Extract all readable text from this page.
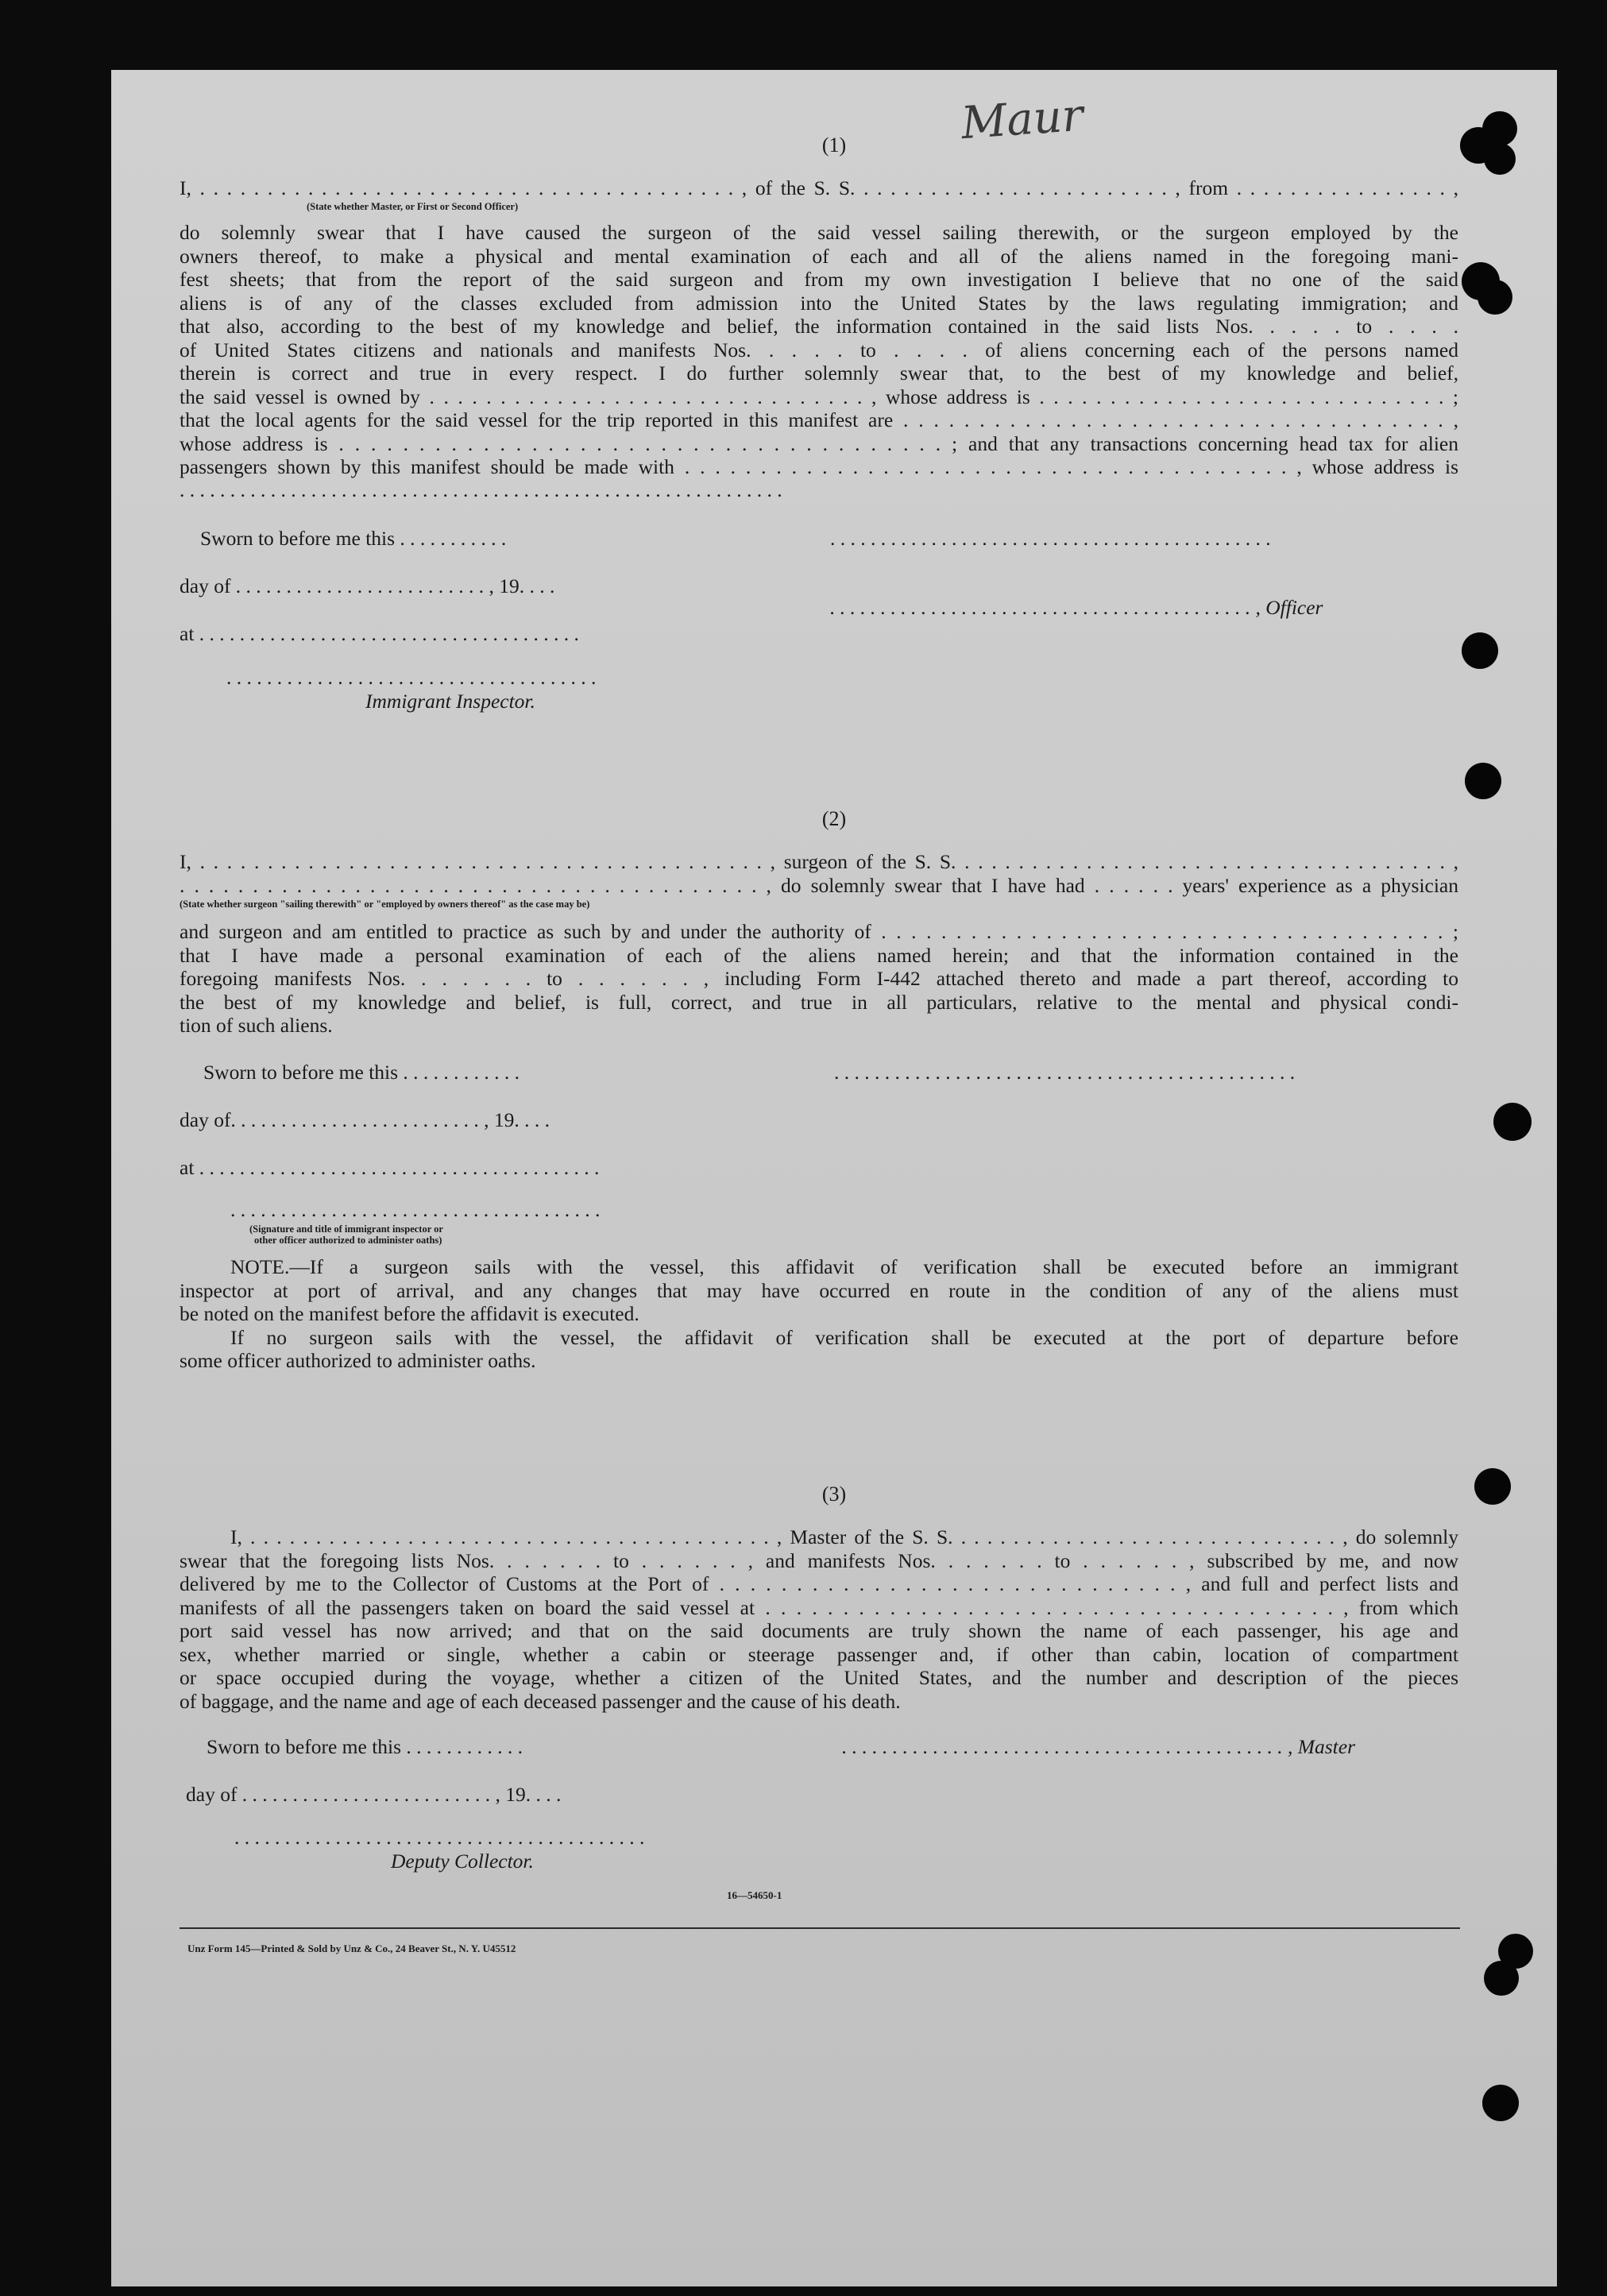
Maur
(1)
I, . . . . . . . . . . . . . . . . . . . . . . . . . . . . . . . . . . . . . . . . , of the S. S. . . . . . . . . . . . . . . . . . . . . . . . , from . . . . . . . . . . . . . . . . ,
(State whether Master, or First or Second Officer)
do solemnly swear that I have caused the surgeon of the said vessel sailing therewith, or the surgeon employed by the
owners thereof, to make a physical and mental examination of each and all of the aliens named in the foregoing mani-
fest sheets; that from the report of the said surgeon and from my own investigation I believe that no one of the said
aliens is of any of the classes excluded from admission into the United States by the laws regulating immigration; and
that also, according to the best of my knowledge and belief, the information contained in the said lists Nos. . . . . to . . . .
of United States citizens and nationals and manifests Nos. . . . . to . . . . of aliens concerning each of the persons named
therein is correct and true in every respect. I do further solemnly swear that, to the best of my knowledge and belief,
the said vessel is owned by . . . . . . . . . . . . . . . . . . . . . . . . . . . . . . . , whose address is . . . . . . . . . . . . . . . . . . . . . . . . . . . . . ;
that the local agents for the said vessel for the trip reported in this manifest are . . . . . . . . . . . . . . . . . . . . . . . . . . . . . . . . . . . . ,
whose address is . . . . . . . . . . . . . . . . . . . . . . . . . . . . . . . . . . . . . . ; and that any transactions concerning head tax for alien
passengers shown by this manifest should be made with . . . . . . . . . . . . . . . . . . . . . . . . . . . . . . . . . . . . . . . . , whose address is
. . . . . . . . . . . . . . . . . . . . . . . . . . . . . . . . . . . . . . . . . . . . . . . . . . . . . . . . . . . .
Sworn to before me this . . . . . . . . . . .	. . . . . . . . . . . . . . . . . . . . . . . . . . . . . . . . . . . . . . . . . . . .
day of . . . . . . . . . . . . . . . . . . . . . . . . . , 19. . . .
. . . . . . . . . . . . . . . . . . . . . . . . . . . . . . . . . . . . . . . . . . , Officer
at . . . . . . . . . . . . . . . . . . . . . . . . . . . . . . . . . . . . . .
. . . . . . . . . . . . . . . . . . . . . . . . . . . . . . . . . . . . .
Immigrant Inspector.
(2)
I, . . . . . . . . . . . . . . . . . . . . . . . . . . . . . . . . . . . . . . . . . . , surgeon of the S. S. . . . . . . . . . . . . . . . . . . . . . . . . . . . . . . . . . . . . ,
. . . . . . . . . . . . . . . . . . . . . . . . . . . . . . . . . . . . . . . . , do solemnly swear that I have had . . . . . . years' experience as a physician
(State whether surgeon "sailing therewith" or "employed by owners thereof" as the case may be)
and surgeon and am entitled to practice as such by and under the authority of . . . . . . . . . . . . . . . . . . . . . . . . . . . . . . . . . . . . . . ;
that I have made a personal examination of each of the aliens named herein; and that the information contained in the
foregoing manifests Nos. . . . . . . to . . . . . . , including Form I-442 attached thereto and made a part thereof, according to
the best of my knowledge and belief, is full, correct, and true in all particulars, relative to the mental and physical condi-
tion of such aliens.
Sworn to before me this . . . . . . . . . . . .	. . . . . . . . . . . . . . . . . . . . . . . . . . . . . . . . . . . . . . . . . . . . . .
day of. . . . . . . . . . . . . . . . . . . . . . . . . , 19. . . .
at . . . . . . . . . . . . . . . . . . . . . . . . . . . . . . . . . . . . . . . .
. . . . . . . . . . . . . . . . . . . . . . . . . . . . . . . . . . . . .
(Signature and title of immigrant inspector or
other officer authorized to administer oaths)
NOTE.—If a surgeon sails with the vessel, this affidavit of verification shall be executed before an immigrant
inspector at port of arrival, and any changes that may have occurred en route in the condition of any of the aliens must
be noted on the manifest before the affidavit is executed.
If no surgeon sails with the vessel, the affidavit of verification shall be executed at the port of departure before
some officer authorized to administer oaths.
(3)
I, . . . . . . . . . . . . . . . . . . . . . . . . . . . . . . . . . . . . . . . . , Master of the S. S. . . . . . . . . . . . . . . . . . . . . . . . . . . . . . , do solemnly
swear that the foregoing lists Nos. . . . . . . to . . . . . . , and manifests Nos. . . . . . . to . . . . . . , subscribed by me, and now
delivered by me to the Collector of Customs at the Port of . . . . . . . . . . . . . . . . . . . . . . . . . . . . . . , and full and perfect lists and
manifests of all the passengers taken on board the said vessel at . . . . . . . . . . . . . . . . . . . . . . . . . . . . . . . . . . . . . , from which
port said vessel has now arrived; and that on the said documents are truly shown the name of each passenger, his age and
sex, whether married or single, whether a cabin or steerage passenger and, if other than cabin, location of compartment
or space occupied during the voyage, whether a citizen of the United States, and the number and description of the pieces
of baggage, and the name and age of each deceased passenger and the cause of his death.
Sworn to before me this . . . . . . . . . . . .	. . . . . . . . . . . . . . . . . . . . . . . . . . . . . . . . . . . . . . . . . . . . , Master
day of . . . . . . . . . . . . . . . . . . . . . . . . . , 19. . . .
. . . . . . . . . . . . . . . . . . . . . . . . . . . . . . . . . . . . . . . . .
Deputy Collector.
16—54650-1
Unz Form 145—Printed & Sold by Unz & Co., 24 Beaver St., N. Y. U45512
